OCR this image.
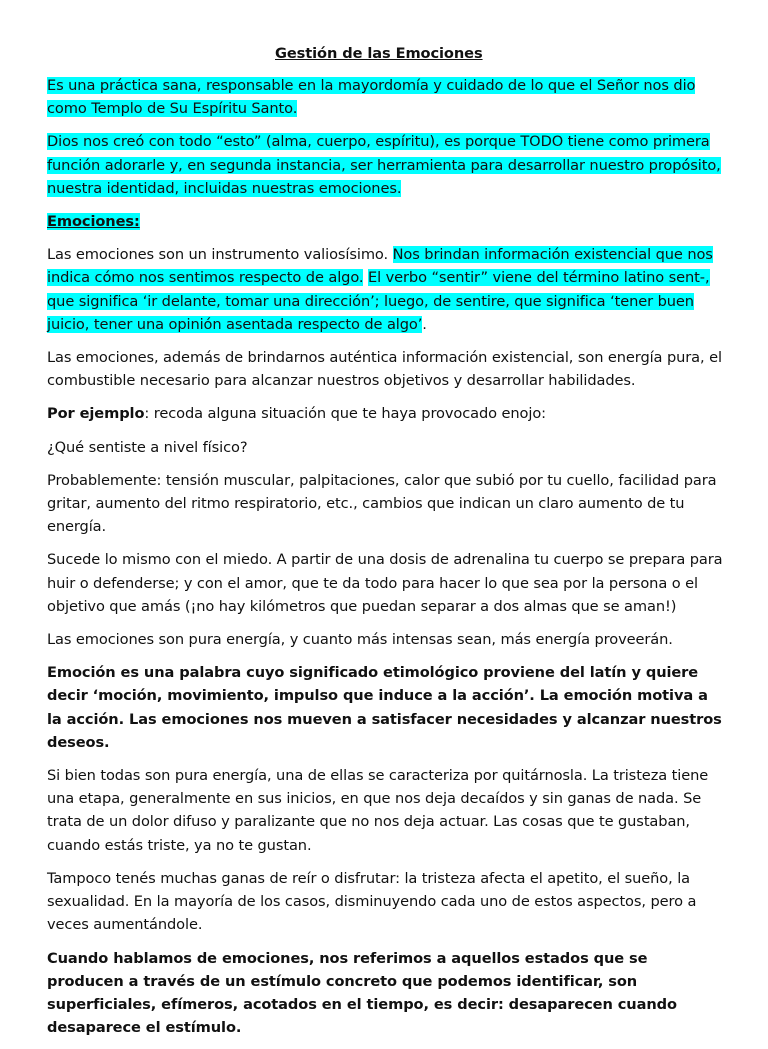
Gestión de las Emociones

Es una práctica sana, responsable en la mayordomía y cuidado de lo que el Señor nos dio como Templo de Su Espíritu Santo.

Dios nos creó con todo “esto” (alma, cuerpo, espíritu), es porque TODO tiene como primera función adorarle y, en segunda instancia, ser herramienta para desarrollar nuestro propósito, nuestra identidad, incluidas nuestras emociones.

Emociones:

Las emociones son un instrumento valiosísimo. Nos brindan información existencial que nos indica cómo nos sentimos respecto de algo. El verbo “sentir” viene del término latino sent-, que significa ‘ir delante, tomar una dirección’; luego, de sentire, que significa ‘tener buen juicio, tener una opinión asentada respecto de algo’.

Las emociones, además de brindarnos auténtica información existencial, son energía pura, el combustible necesario para alcanzar nuestros objetivos y desarrollar habilidades.

Por ejemplo: recoda alguna situación que te haya provocado enojo:

¿Qué sentiste a nivel físico?

Probablemente: tensión muscular, palpitaciones, calor que subió por tu cuello, facilidad para gritar, aumento del ritmo respiratorio, etc., cambios que indican un claro aumento de tu energía.

Sucede lo mismo con el miedo. A partir de una dosis de adrenalina tu cuerpo se prepara para huir o defenderse; y con el amor, que te da todo para hacer lo que sea por la persona o el objetivo que amás (¡no hay kilómetros que puedan separar a dos almas que se aman!)

Las emociones son pura energía, y cuanto más intensas sean, más energía proveerán.

Emoción es una palabra cuyo significado etimológico proviene del latín y quiere decir ‘moción, movimiento, impulso que induce a la acción’. La emoción motiva a la acción. Las emociones nos mueven a satisfacer necesidades y alcanzar nuestros deseos.

Si bien todas son pura energía, una de ellas se caracteriza por quitárnosla. La tristeza tiene una etapa, generalmente en sus inicios, en que nos deja decaídos y sin ganas de nada. Se trata de un dolor difuso y paralizante que no nos deja actuar. Las cosas que te gustaban, cuando estás triste, ya no te gustan.

Tampoco tenés muchas ganas de reír o disfrutar: la tristeza afecta el apetito, el sueño, la sexualidad. En la mayoría de los casos, disminuyendo cada uno de estos aspectos, pero a veces aumentándole.

Cuando hablamos de emociones, nos referimos a aquellos estados que se producen a través de un estímulo concreto que podemos identificar, son superficiales, efímeros, acotados en el tiempo, es decir: desaparecen cuando desaparece el estímulo.
